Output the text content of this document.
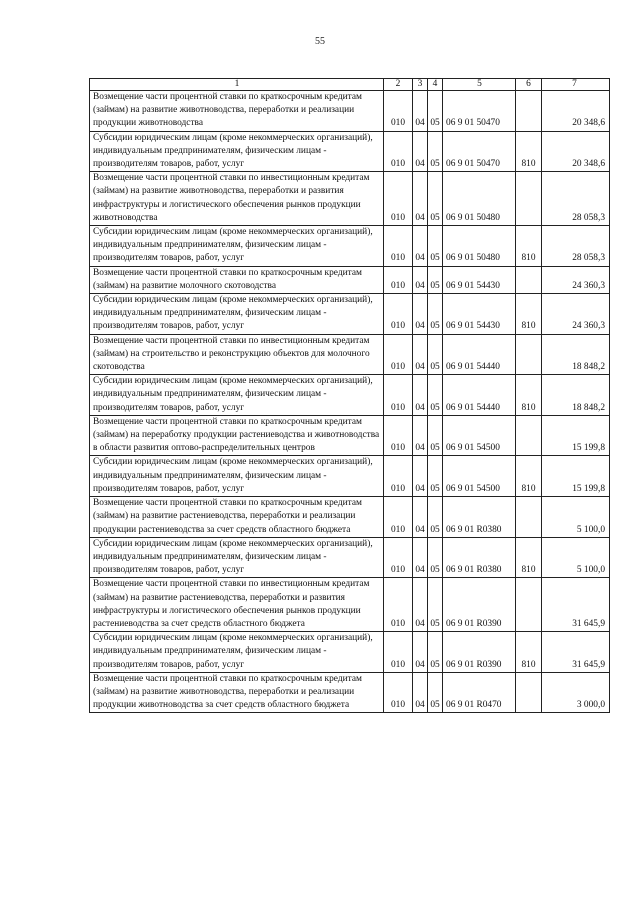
55
1	2	3	4	5	6	7
Возмещение части процентной ставки по краткосрочным кредитам (займам) на развитие животноводства, переработки и реализации продукции животноводства	010	04	05	06 9 01 50470		20 348,6
Субсидии юридическим лицам (кроме некоммерческих организаций), индивидуальным предпринимателям, физическим лицам - производителям товаров, работ, услуг	010	04	05	06 9 01 50470	810	20 348,6
Возмещение части процентной ставки по инвестиционным кредитам (займам) на развитие животноводства, переработки и развития инфраструктуры и логистического обеспечения рынков продукции животноводства	010	04	05	06 9 01 50480		28 058,3
Субсидии юридическим лицам (кроме некоммерческих организаций), индивидуальным предпринимателям, физическим лицам - производителям товаров, работ, услуг	010	04	05	06 9 01 50480	810	28 058,3
Возмещение части процентной ставки по краткосрочным кредитам (займам) на развитие молочного скотоводства	010	04	05	06 9 01 54430		24 360,3
Субсидии юридическим лицам (кроме некоммерческих организаций), индивидуальным предпринимателям, физическим лицам - производителям товаров, работ, услуг	010	04	05	06 9 01 54430	810	24 360,3
Возмещение части процентной ставки по инвестиционным кредитам (займам) на строительство и реконструкцию объектов для молочного скотоводства	010	04	05	06 9 01 54440		18 848,2
Субсидии юридическим лицам (кроме некоммерческих организаций), индивидуальным предпринимателям, физическим лицам - производителям товаров, работ, услуг	010	04	05	06 9 01 54440	810	18 848,2
Возмещение части процентной ставки по краткосрочным кредитам (займам) на переработку продукции растениеводства и животноводства в области развития оптово-распределительных центров	010	04	05	06 9 01 54500		15 199,8
Субсидии юридическим лицам (кроме некоммерческих организаций), индивидуальным предпринимателям, физическим лицам - производителям товаров, работ, услуг	010	04	05	06 9 01 54500	810	15 199,8
Возмещение части процентной ставки по краткосрочным кредитам (займам) на развитие растениеводства, переработки и реализации продукции растениеводства за счет средств областного бюджета	010	04	05	06 9 01 R0380		5 100,0
Субсидии юридическим лицам (кроме некоммерческих организаций), индивидуальным предпринимателям, физическим лицам - производителям товаров, работ, услуг	010	04	05	06 9 01 R0380	810	5 100,0
Возмещение части процентной ставки по инвестиционным кредитам (займам) на развитие растениеводства, переработки и развития инфраструктуры и логистического обеспечения рынков продукции растениеводства за счет средств областного бюджета	010	04	05	06 9 01 R0390		31 645,9
Субсидии юридическим лицам (кроме некоммерческих организаций), индивидуальным предпринимателям, физическим лицам - производителям товаров, работ, услуг	010	04	05	06 9 01 R0390	810	31 645,9
Возмещение части процентной ставки по краткосрочным кредитам (займам) на развитие животноводства, переработки и реализации продукции животноводства за счет средств областного бюджета	010	04	05	06 9 01 R0470		3 000,0
